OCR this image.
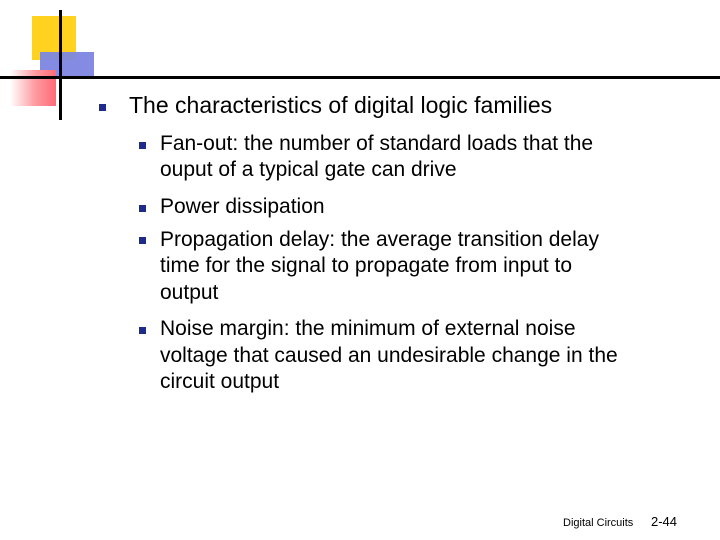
The characteristics of digital logic families
Fan-out: the number of standard loads that the
ouput of a typical gate can drive
Power dissipation
Propagation delay: the average transition delay
time for the signal to propagate from input to
output
Noise margin: the minimum of external noise
voltage that caused an undesirable change in the
circuit output
Digital Circuits 2-44
